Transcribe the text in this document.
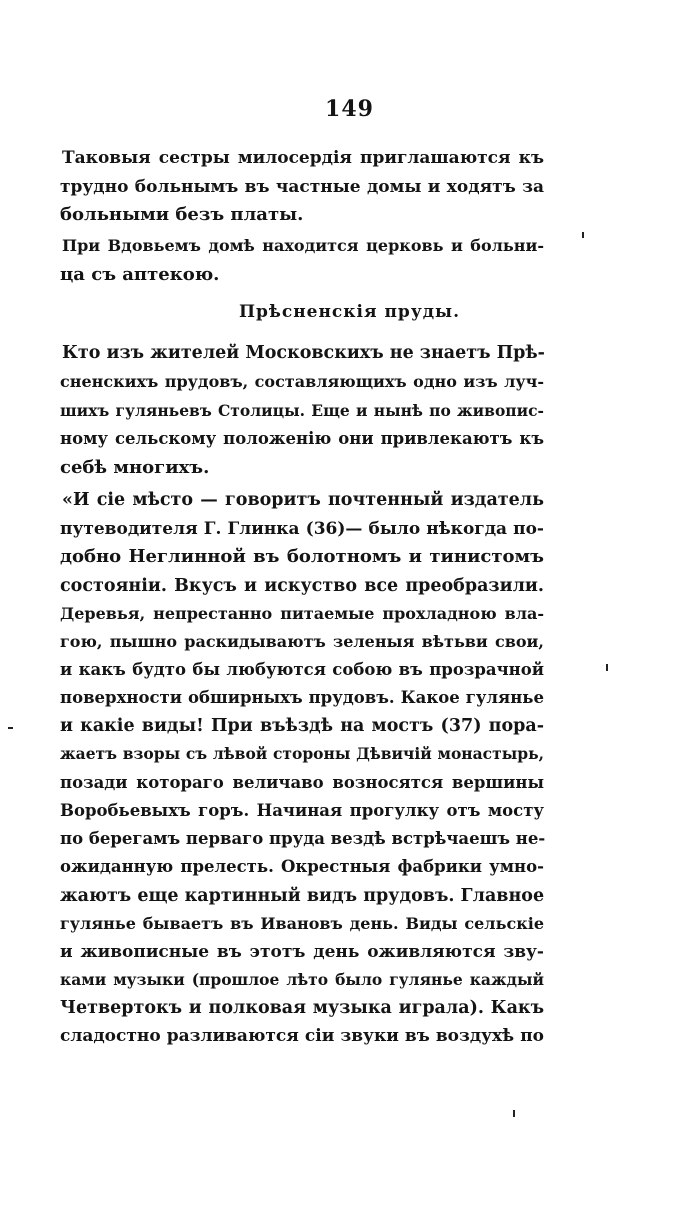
149
Таковыя сестры милосердія приглашаются къ
трудно больнымъ въ частные домы и ходятъ за
больными безъ платы.
При Вдовьемъ домѣ находится церковь и больни-
ца съ аптекою.
Прѣсненскія пруды.
Кто изъ жителей Московскихъ не знаетъ Прѣ-
сненскихъ прудовъ, составляющихъ одно изъ луч-
шихъ гуляньевъ Столицы. Еще и нынѣ по живопис-
ному сельскому положенію они привлекаютъ къ
себѣ многихъ.
«И сіе мѣсто — говоритъ почтенный издатель
путеводителя Г. Глинка (36)— было нѣкогда по-
добно Неглинной въ болотномъ и тинистомъ
состояніи. Вкусъ и искуство все преобразили.
Деревья, непрестанно питаемые прохладною вла-
гою, пышно раскидываютъ зеленыя вѣтьви свои,
и какъ будто бы любуются собою въ прозрачной
поверхности обширныхъ прудовъ. Какое гулянье
и какіе виды! При въѣздѣ на мостъ (37) пора-
жаетъ взоры съ лѣвой стороны Дѣвичій монастырь,
позади котораго величаво возносятся вершины
Воробьевыхъ горъ. Начиная прогулку отъ мосту
по берегамъ перваго пруда вездѣ встрѣчаешъ не-
ожиданную прелесть. Окрестныя фабрики умно-
жаютъ еще картинный видъ прудовъ. Главное
гулянье бываетъ въ Ивановъ день. Виды сельскіе
и живописные въ этотъ день оживляются зву-
ками музыки (прошлое лѣто было гулянье каждый
Четвертокъ и полковая музыка играла). Какъ
сладостно разливаются сіи звуки въ воздухѣ по
